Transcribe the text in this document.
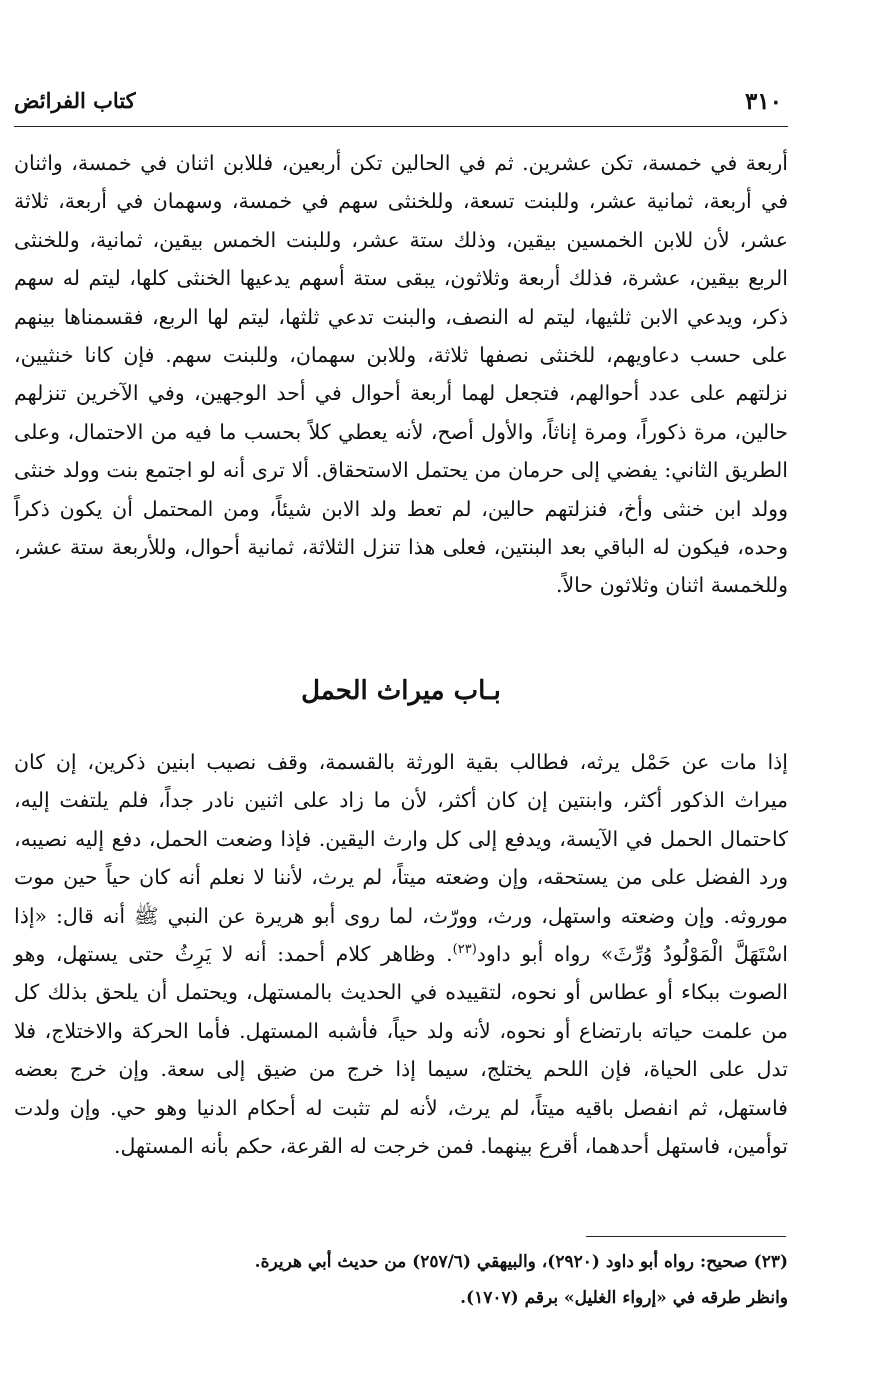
٣١٠
كتاب الفرائض

أربعة في خمسة، تكن عشرين. ثم في الحالين تكن أربعين، فللابن اثنان في خمسة، واثنان في أربعة، ثمانية عشر، وللبنت تسعة، وللخنثى سهم في خمسة، وسهمان في أربعة، ثلاثة عشر، لأن للابن الخمسين بيقين، وذلك ستة عشر، وللبنت الخمس بيقين، ثمانية، وللخنثى الربع بيقين، عشرة، فذلك أربعة وثلاثون، يبقى ستة أسهم يدعيها الخنثى كلها، ليتم له سهم ذكر، ويدعي الابن ثلثيها، ليتم له النصف، والبنت تدعي ثلثها، ليتم لها الربع، فقسمناها بينهم على حسب دعاويهم، للخنثى نصفها ثلاثة، وللابن سهمان، وللبنت سهم. فإن كانا خنثيين، نزلتهم على عدد أحوالهم، فتجعل لهما أربعة أحوال في أحد الوجهين، وفي الآخرين تنزلهم حالين، مرة ذكوراً، ومرة إناثاً، والأول أصح، لأنه يعطي كلاً بحسب ما فيه من الاحتمال، وعلى الطريق الثاني: يفضي إلى حرمان من يحتمل الاستحقاق. ألا ترى أنه لو اجتمع بنت وولد خنثى وولد ابن خنثى وأخ، فنزلتهم حالين، لم تعط ولد الابن شيئاً، ومن المحتمل أن يكون ذكراً وحده، فيكون له الباقي بعد البنتين، فعلى هذا تنزل الثلاثة، ثمانية أحوال، وللأربعة ستة عشر، وللخمسة اثنان وثلاثون حالاً.

بـاب ميراث الحمل

إذا مات عن حَمْل يرثه، فطالب بقية الورثة بالقسمة، وقف نصيب ابنين ذكرين، إن كان ميراث الذكور أكثر، وابنتين إن كان أكثر، لأن ما زاد على اثنين نادر جداً، فلم يلتفت إليه، كاحتمال الحمل في الآيسة، ويدفع إلى كل وارث اليقين. فإذا وضعت الحمل، دفع إليه نصيبه، ورد الفضل على من يستحقه، وإن وضعته ميتاً، لم يرث، لأننا لا نعلم أنه كان حياً حين موت موروثه. وإن وضعته واستهل، ورث، وورّث، لما روى أبو هريرة عن النبي ﷺ أنه قال: «إذا اسْتَهَلَّ الْمَوْلُودُ وُرِّثَ» رواه أبو داود$^{(٢٣)}$. وظاهر كلام أحمد: أنه لا يَرِثُ حتى يستهل، وهو الصوت ببكاء أو عطاس أو نحوه، لتقييده في الحديث بالمستهل، ويحتمل أن يلحق بذلك كل من علمت حياته بارتضاع أو نحوه، لأنه ولد حياً، فأشبه المستهل. فأما الحركة والاختلاج، فلا تدل على الحياة، فإن اللحم يختلج، سيما إذا خرج من ضيق إلى سعة. وإن خرج بعضه فاستهل، ثم انفصل باقيه ميتاً، لم يرث، لأنه لم تثبت له أحكام الدنيا وهو حي. وإن ولدت توأمين، فاستهل أحدهما، أقرع بينهما. فمن خرجت له القرعة، حكم بأنه المستهل.

(٢٣) صحيح: رواه أبو داود (٢٩٢٠)، والبيهقي (٢٥٧/٦) من حديث أبي هريرة.

وانظر طرقه في «إرواء الغليل» برقم (١٧٠٧).
